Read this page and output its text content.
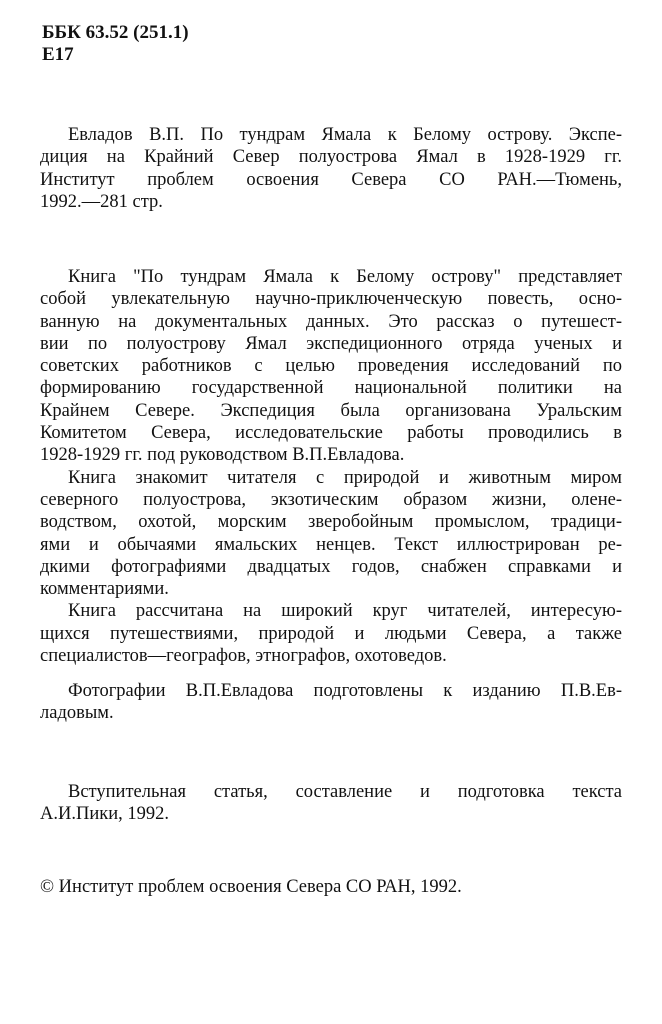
ББК 63.52 (251.1)
Е17
Евладов В.П. По тундрам Ямала к Белому острову. Экспе-
диция на Крайний Север полуострова Ямал в 1928-1929 гг.
Институт проблем освоения Севера СО РАН.—Тюмень,
1992.—281 стр.
Книга "По тундрам Ямала к Белому острову" представляет
собой увлекательную научно-приключенческую повесть, осно-
ванную на документальных данных. Это рассказ о путешест-
вии по полуострову Ямал экспедиционного отряда ученых и
советских работников с целью проведения исследований по
формированию государственной национальной политики на
Крайнем Севере. Экспедиция была организована Уральским
Комитетом Севера, исследовательские работы проводились в
1928-1929 гг. под руководством В.П.Евладова.
Книга знакомит читателя с природой и животным миром
северного полуострова, экзотическим образом жизни, олене-
водством, охотой, морским зверобойным промыслом, традици-
ями и обычаями ямальских ненцев. Текст иллюстрирован ре-
дкими фотографиями двадцатых годов, снабжен справками и
комментариями.
Книга рассчитана на широкий круг читателей, интересую-
щихся путешествиями, природой и людьми Севера, а также
специалистов—географов, этнографов, охотоведов.
Фотографии В.П.Евладова подготовлены к изданию П.В.Ев-
ладовым.
Вступительная статья, составление и подготовка текста
А.И.Пики, 1992.
© Институт проблем освоения Севера СО РАН, 1992.
